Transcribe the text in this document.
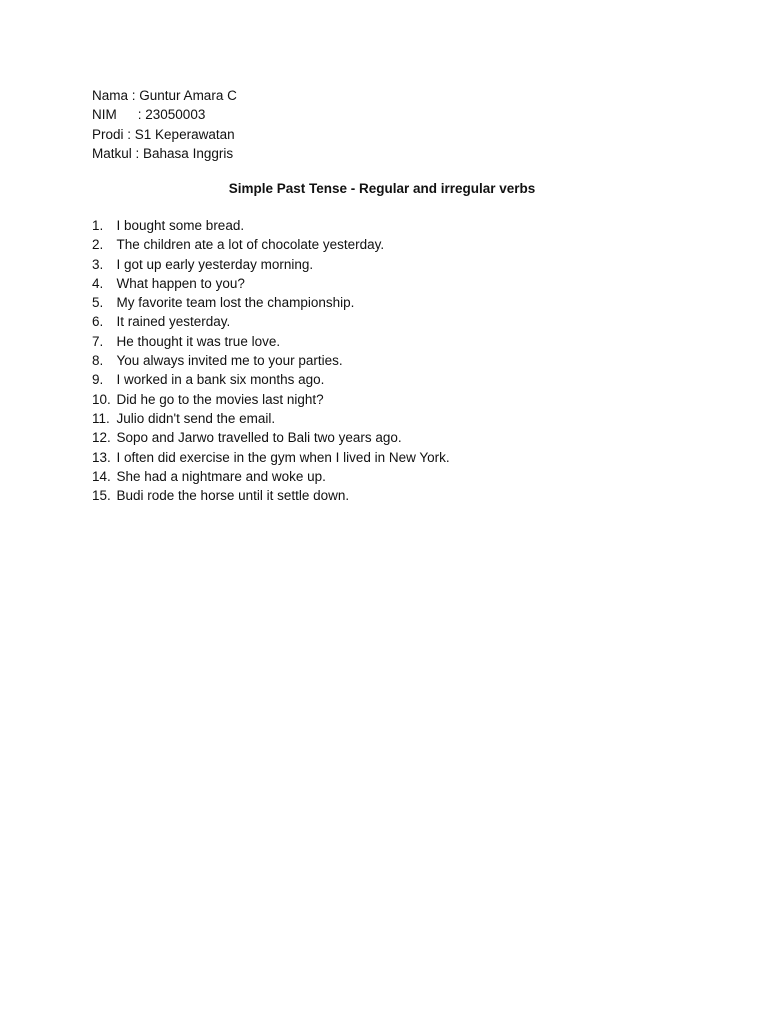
Nama : Guntur Amara C
NIM : 23050003
Prodi : S1 Keperawatan
Matkul : Bahasa Inggris
Simple Past Tense - Regular and irregular verbs
1. I bought some bread.
2. The children ate a lot of chocolate yesterday.
3. I got up early yesterday morning.
4. What happen to you?
5. My favorite team lost the championship.
6. It rained yesterday.
7. He thought it was true love.
8. You always invited me to your parties.
9. I worked in a bank six months ago.
10. Did he go to the movies last night?
11. Julio didn't send the email.
12. Sopo and Jarwo travelled to Bali two years ago.
13. I often did exercise in the gym when I lived in New York.
14. She had a nightmare and woke up.
15. Budi rode the horse until it settle down.
